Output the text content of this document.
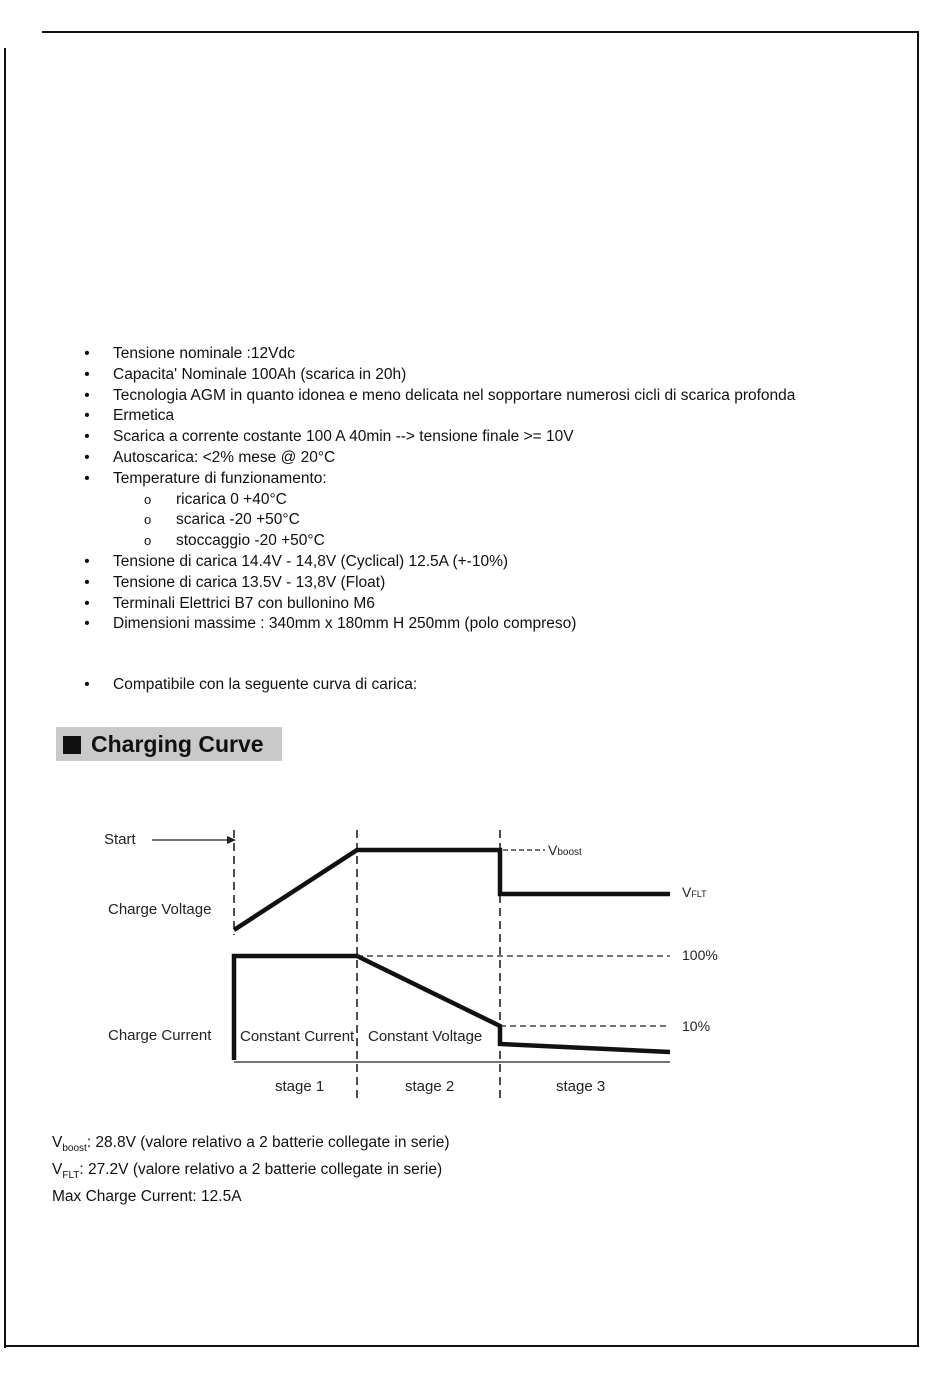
• Tensione nominale :12Vdc
• Capacita' Nominale 100Ah (scarica in 20h)
• Tecnologia AGM in quanto idonea e meno delicata nel sopportare numerosi cicli di scarica profonda
• Ermetica
• Scarica a corrente costante 100 A 40min --> tensione finale >= 10V
• Autoscarica: <2% mese @ 20°C
• Temperature di funzionamento:
o ricarica 0 +40°C
o scarica -20 +50°C
o stoccaggio -20 +50°C
• Tensione di carica 14.4V - 14,8V (Cyclical) 12.5A (+-10%)
• Tensione di carica 13.5V - 13,8V (Float)
• Terminali Elettrici B7 con bullonino M6
• Dimensioni massime : 340mm x 180mm H 250mm (polo compreso)
• Compatibile con la seguente curva di carica:
Charging Curve
Start
Vboost
VFLT
Charge Voltage
100%
10%
Charge Current Constant Current Constant Voltage
stage 1	stage 2	stage 3
$V_{boost}$: 28.8V (valore relativo a 2 batterie collegate in serie)
$V_{FLT}$: 27.2V (valore relativo a 2 batterie collegate in serie)
Max Charge Current: 12.5A
